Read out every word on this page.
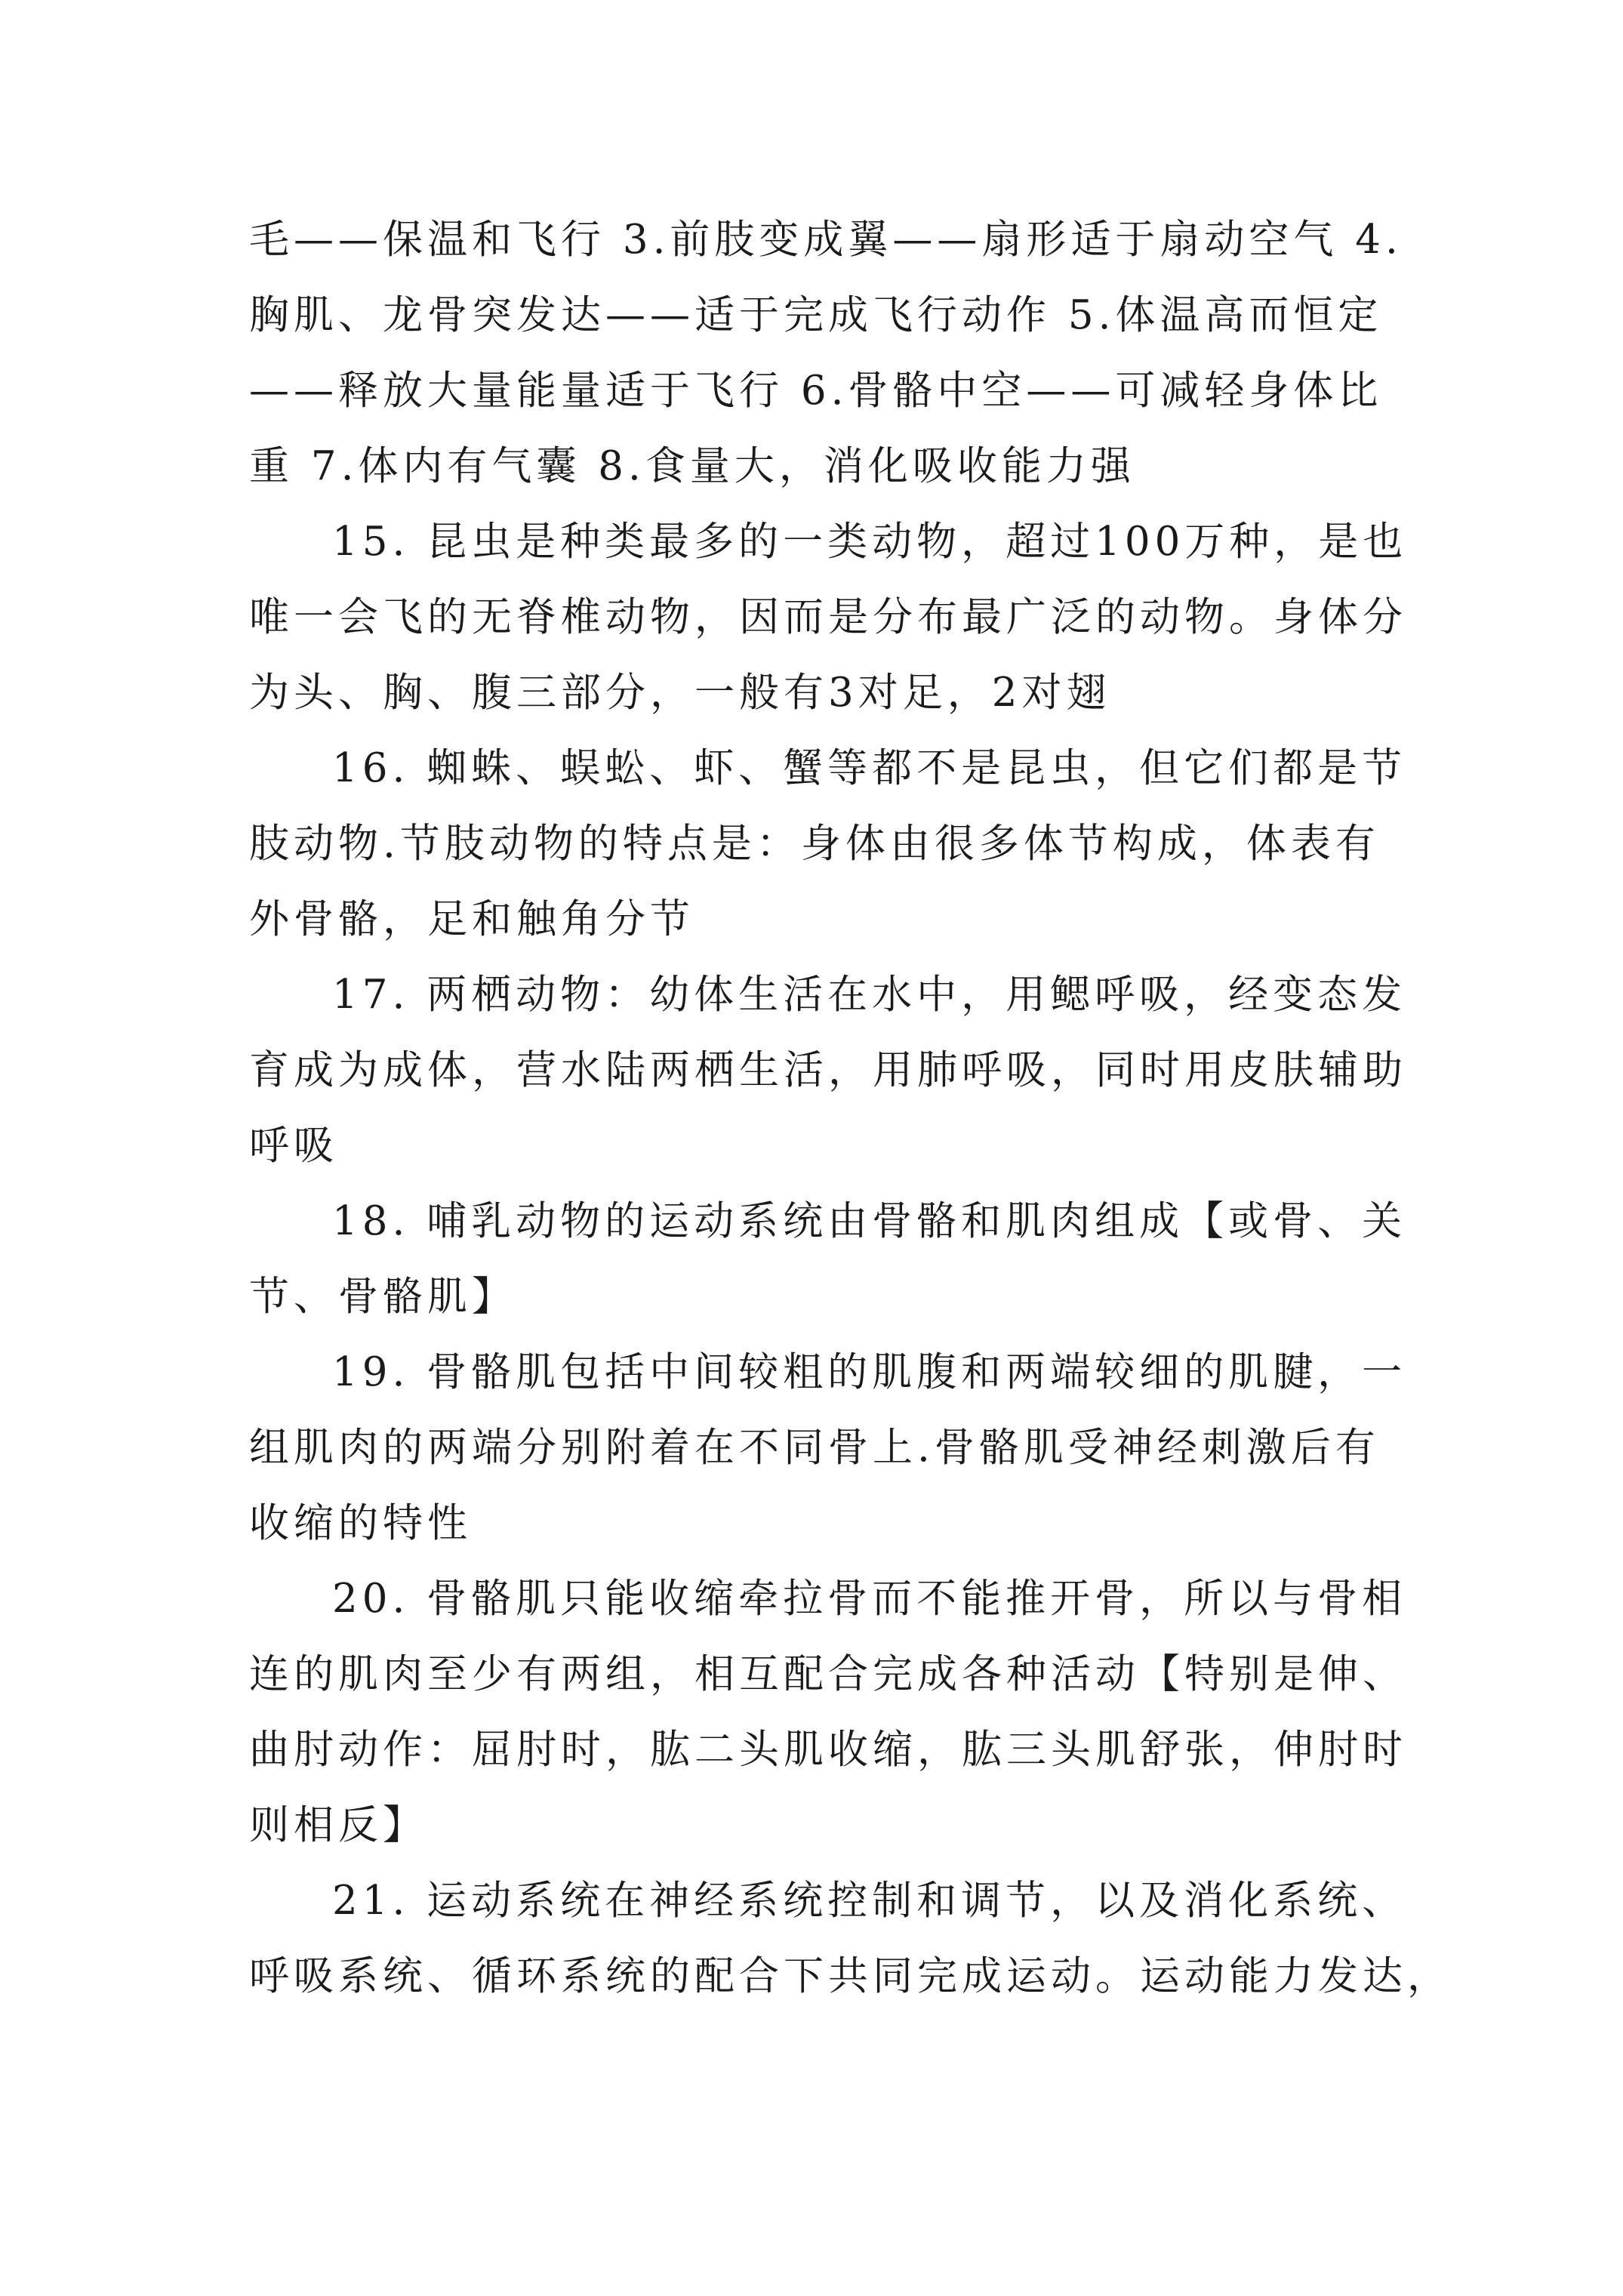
毛——保温和飞行 3.前肢变成翼——扇形适于扇动空气 4.
胸肌、龙骨突发达——适于完成飞行动作 5.体温高而恒定
——释放大量能量适于飞行 6.骨骼中空——可减轻身体比
重 7.体内有气囊 8.食量大，消化吸收能力强
15. 昆虫是种类最多的一类动物，超过100万种，是也
唯一会飞的无脊椎动物，因而是分布最广泛的动物。身体分
为头、胸、腹三部分，一般有3对足，2对翅
16. 蜘蛛、蜈蚣、虾、蟹等都不是昆虫，但它们都是节
肢动物.节肢动物的特点是：身体由很多体节构成，体表有
外骨骼，足和触角分节
17. 两栖动物：幼体生活在水中，用鳃呼吸，经变态发
育成为成体，营水陆两栖生活，用肺呼吸，同时用皮肤辅助
呼吸
18. 哺乳动物的运动系统由骨骼和肌肉组成【或骨、关
节、骨骼肌】
19. 骨骼肌包括中间较粗的肌腹和两端较细的肌腱，一
组肌肉的两端分别附着在不同骨上.骨骼肌受神经刺激后有
收缩的特性
20. 骨骼肌只能收缩牵拉骨而不能推开骨，所以与骨相
连的肌肉至少有两组，相互配合完成各种活动【特别是伸、
曲肘动作：屈肘时，肱二头肌收缩，肱三头肌舒张，伸肘时
则相反】
21. 运动系统在神经系统控制和调节，以及消化系统、
呼吸系统、循环系统的配合下共同完成运动。运动能力发达，
